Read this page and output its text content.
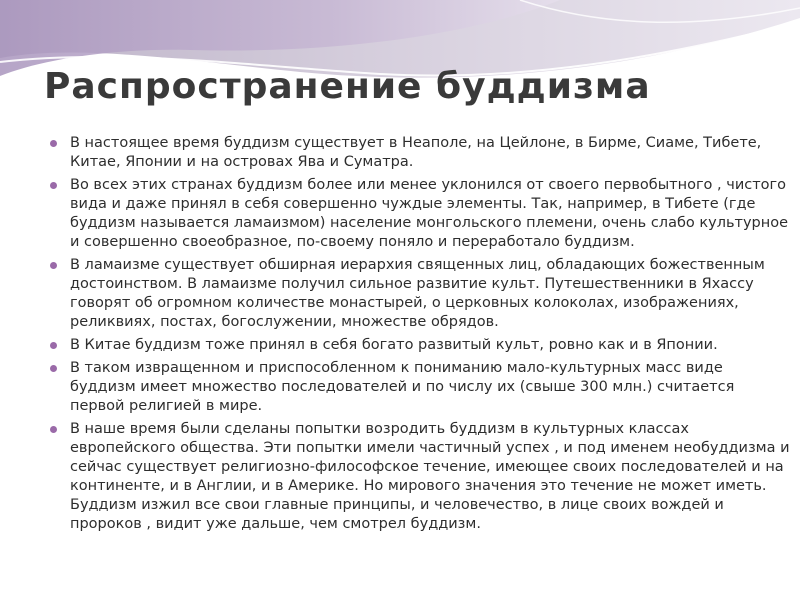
Распространение буддизма
В настоящее время буддизм существует в Неаполе, на Цейлоне, в Бирме, Сиаме, Тибете, Китае, Японии и на островах Ява и Суматра.
Во всех этих странах буддизм более или менее уклонился от своего первобытного , чистого вида и даже принял в себя совершенно чуждые элементы. Так, например, в Тибете (где буддизм называется ламаизмом) население монгольского племени, очень слабо культурное и совершенно своеобразное, по-своему поняло и переработало буддизм.
В ламаизме существует обширная иерархия священных лиц, обладающих божественным достоинством. В ламаизме получил сильное развитие культ. Путешественники в Яхассу говорят об огромном количестве монастырей, о церковных колоколах, изображениях, реликвиях, постах, богослужении, множестве обрядов.
В Китае буддизм тоже принял в себя богато развитый культ, ровно как и в Японии.
В таком извращенном и приспособленном к пониманию мало-культурных масс виде буддизм имеет множество последователей и по числу их (свыше 300 млн.) считается первой религией в мире.
В наше время были сделаны попытки возродить буддизм в культурных классах европейского общества. Эти попытки имели частичный успех , и под именем необуддизма и сейчас существует религиозно-философское течение, имеющее своих последователей и на континенте, и в Англии, и в Америке. Но мирового значения это течение не может иметь. Буддизм изжил все свои главные принципы, и человечество, в лице своих вождей и пророков , видит уже дальше, чем смотрел буддизм.
